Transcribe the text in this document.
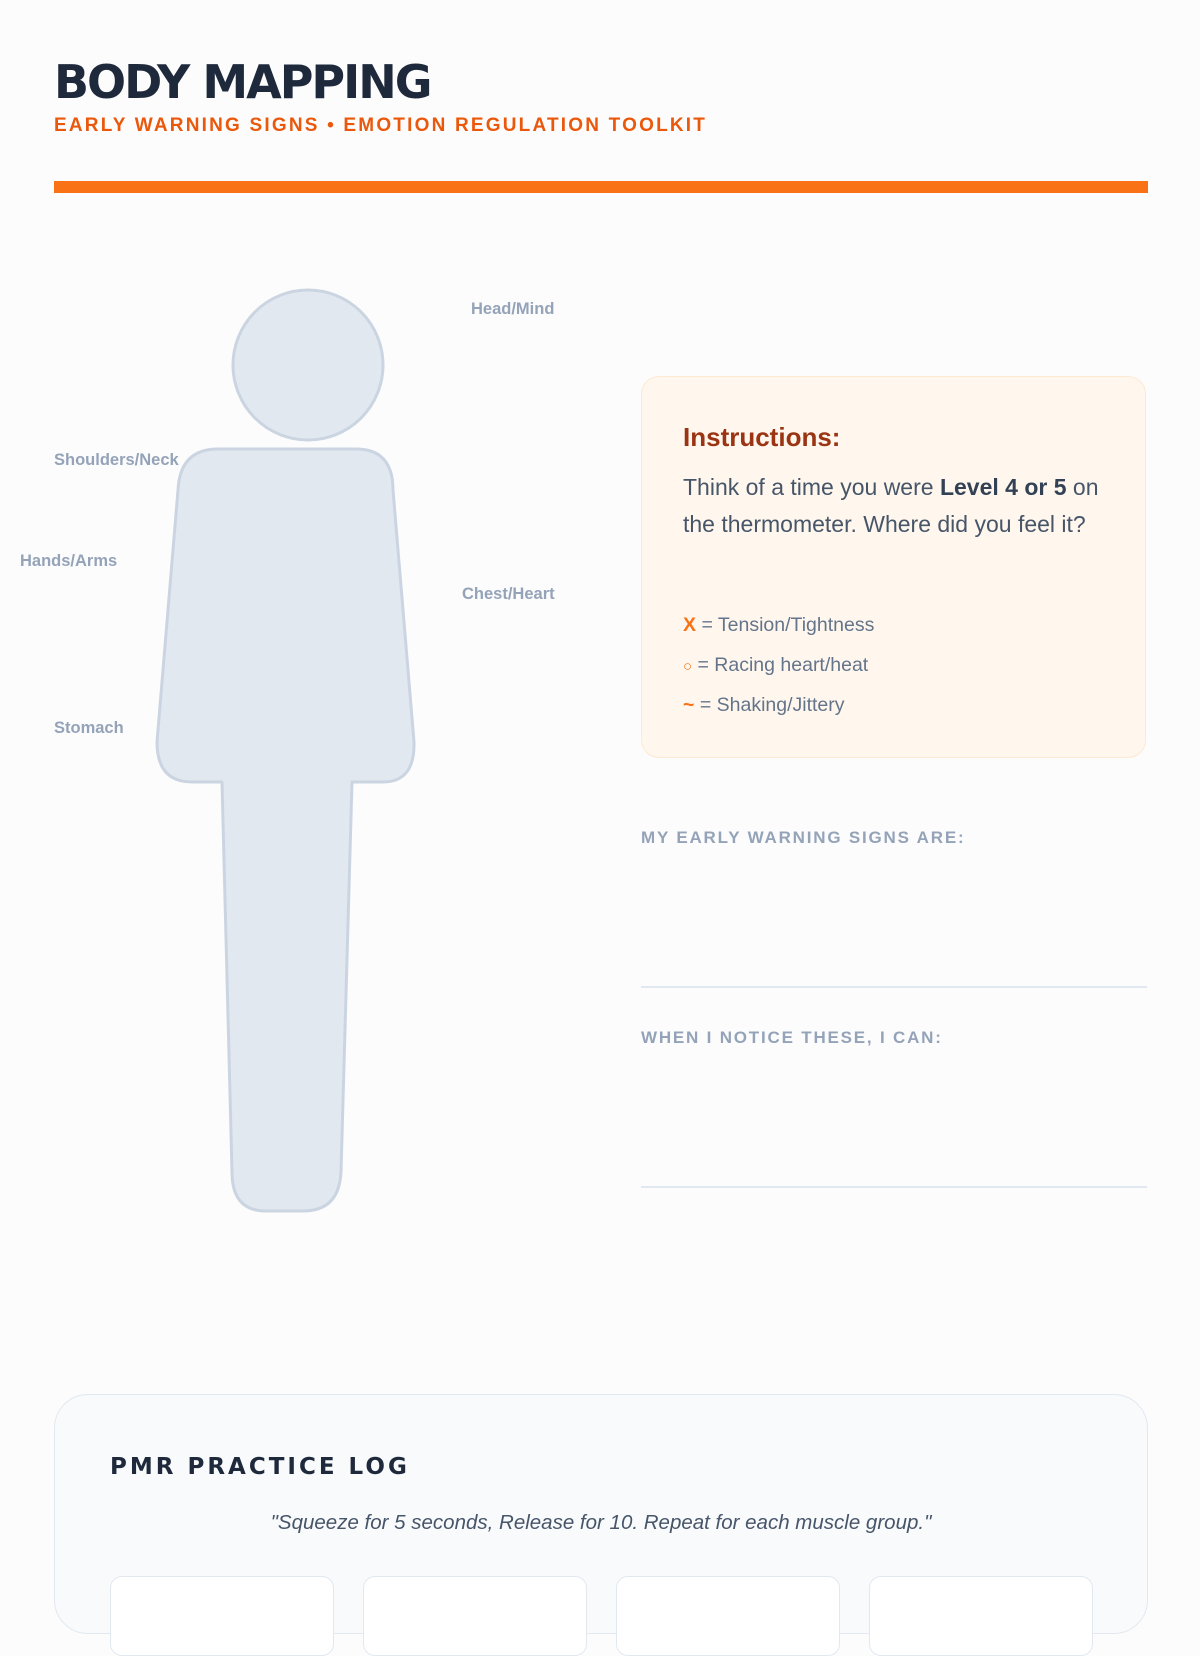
BODY MAPPING
EARLY WARNING SIGNS • EMOTION REGULATION TOOLKIT
Head/Mind
Shoulders/Neck
Hands/Arms
Chest/Heart
Stomach
Instructions:
Think of a time you were Level 4 or 5 on the thermometer. Where did you feel it?
X = Tension/Tightness
○ = Racing heart/heat
~ = Shaking/Jittery
MY EARLY WARNING SIGNS ARE:
WHEN I NOTICE THESE, I CAN:
PMR PRACTICE LOG
"Squeeze for 5 seconds, Release for 10. Repeat for each muscle group."
